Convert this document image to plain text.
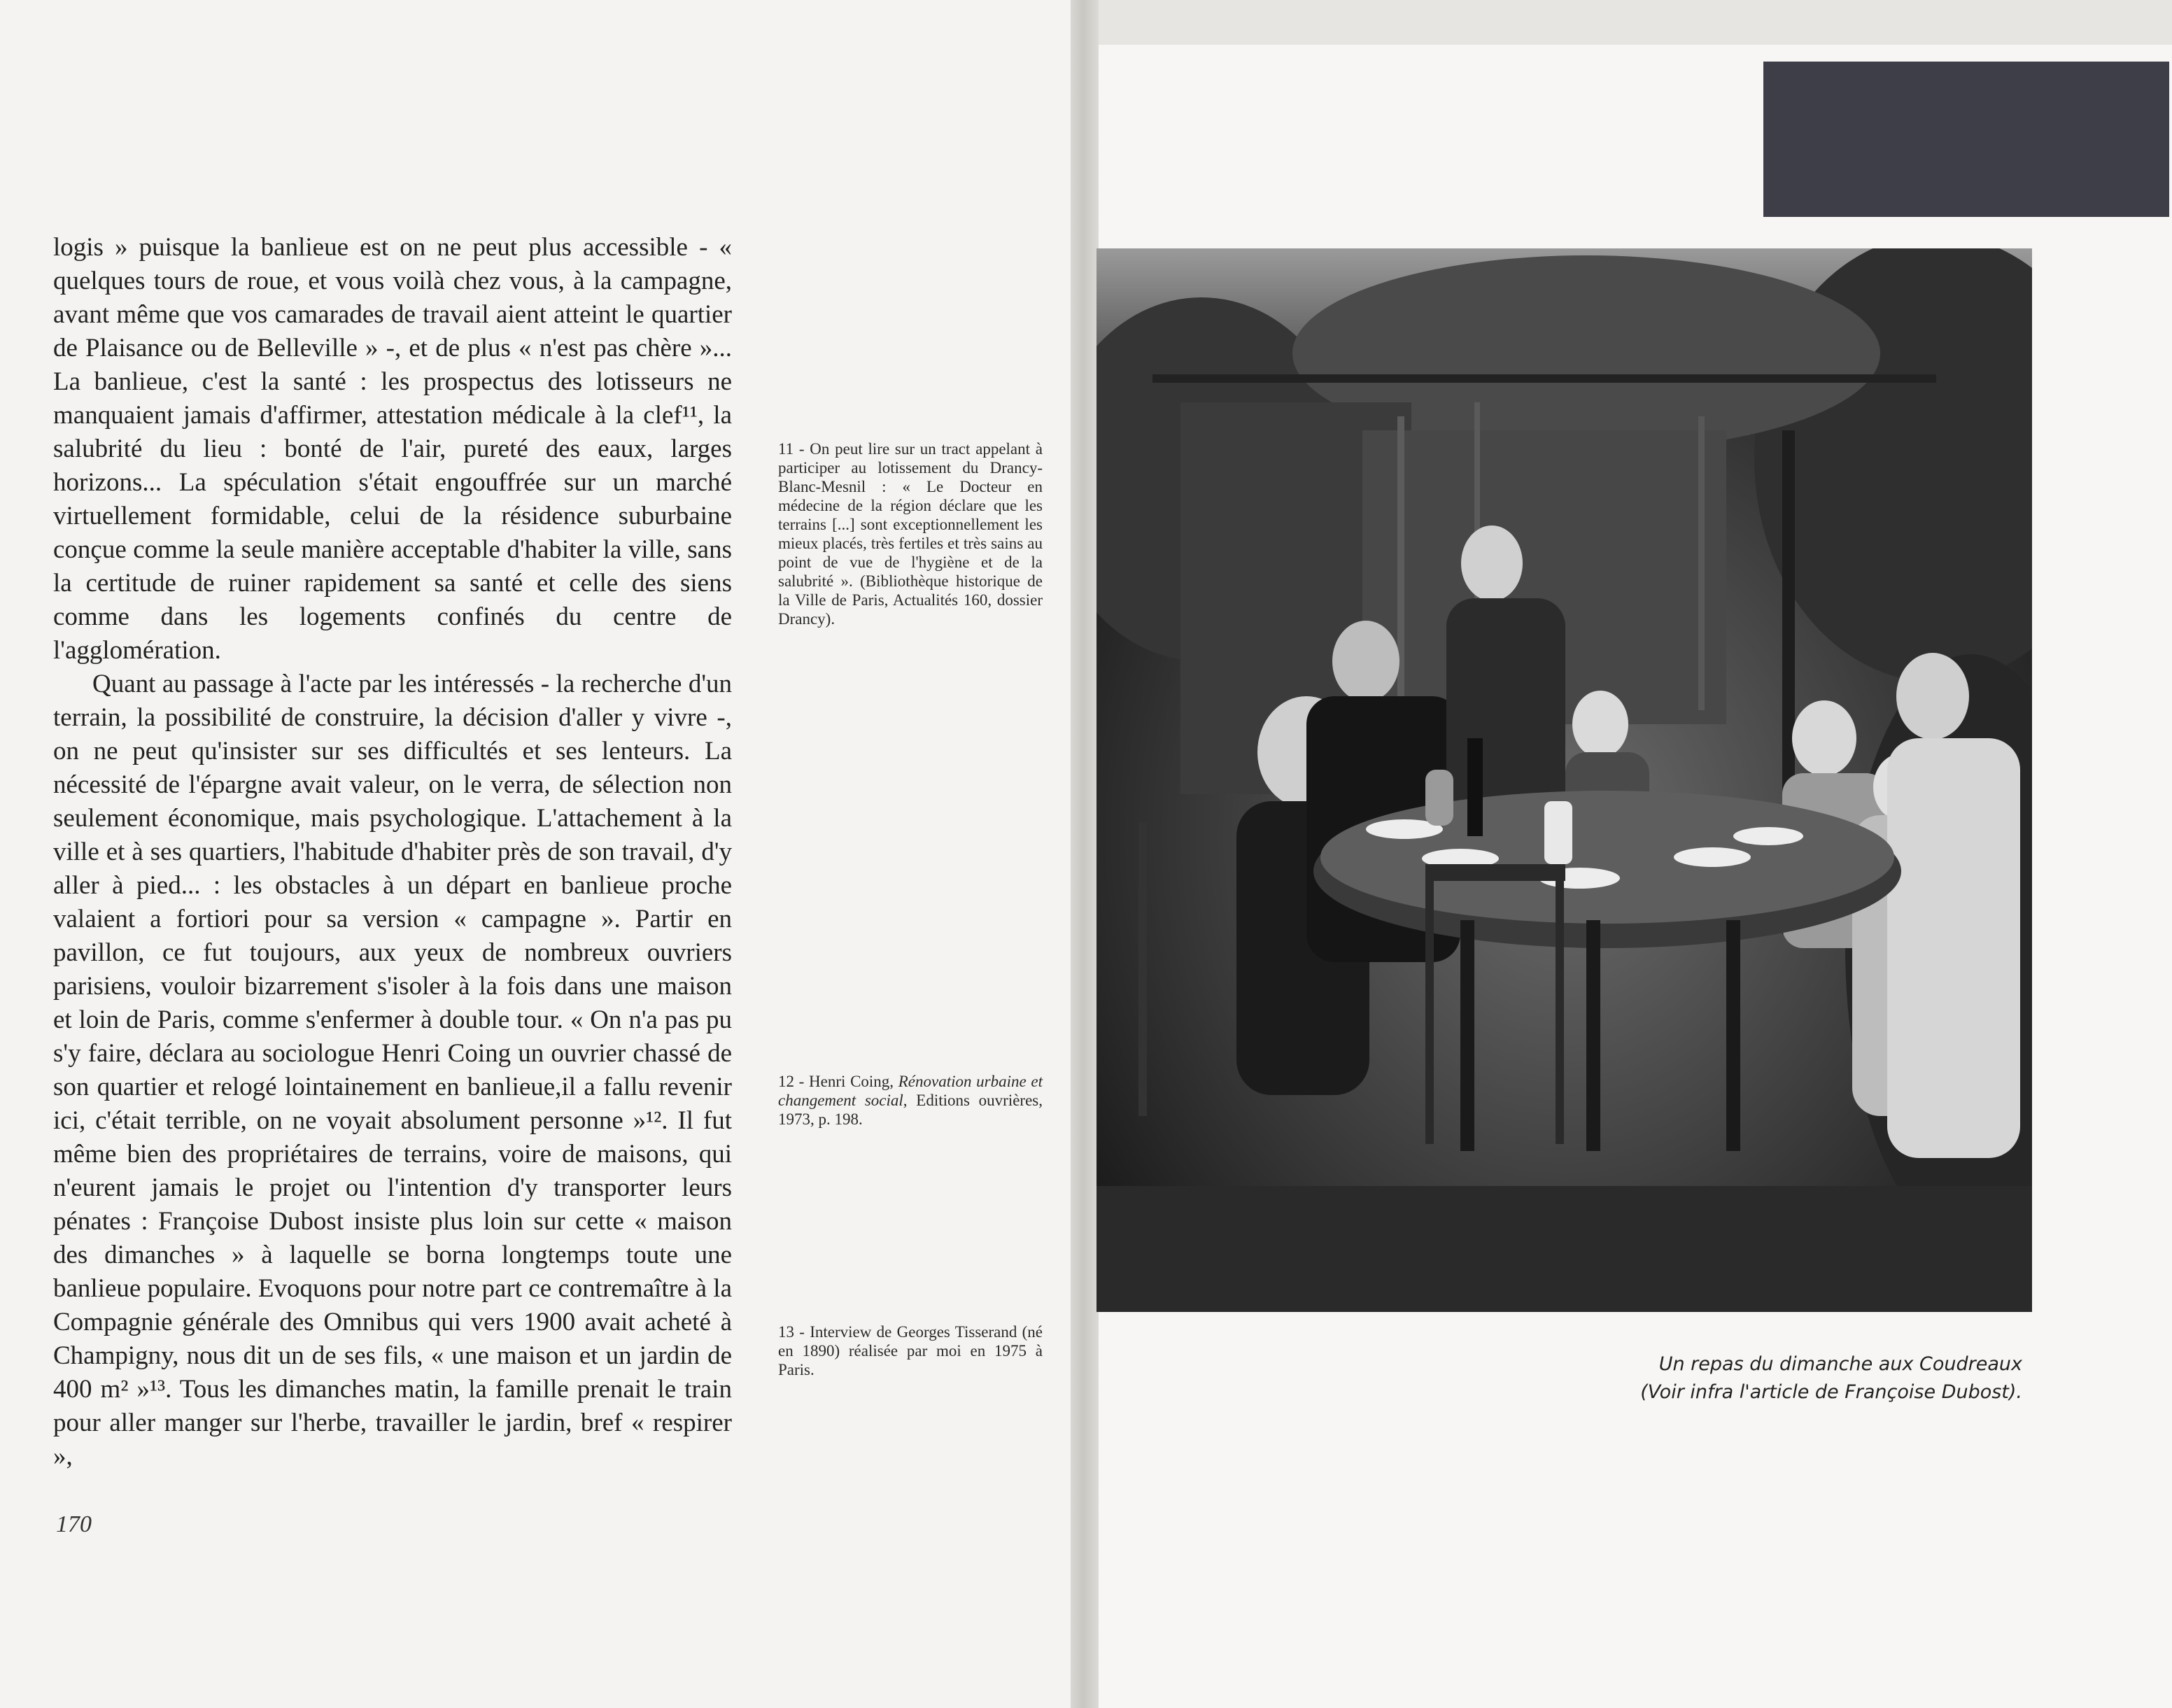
logis » puisque la banlieue est on ne peut plus accessible - « quelques tours de roue, et vous voilà chez vous, à la campagne, avant même que vos camarades de travail aient atteint le quartier de Plaisance ou de Belleville » -, et de plus « n'est pas chère »... La banlieue, c'est la santé : les prospectus des lotisseurs ne manquaient jamais d'affirmer, attestation médicale à la clef¹¹, la salubrité du lieu : bonté de l'air, pureté des eaux, larges horizons... La spéculation s'était engouffrée sur un marché virtuellement formidable, celui de la résidence suburbaine conçue comme la seule manière acceptable d'habiter la ville, sans la certitude de ruiner rapidement sa santé et celle des siens comme dans les logements confinés du centre de l'agglomération.

Quant au passage à l'acte par les intéressés - la recherche d'un terrain, la possibilité de construire, la décision d'aller y vivre -, on ne peut qu'insister sur ses difficultés et ses lenteurs. La nécessité de l'épargne avait valeur, on le verra, de sélection non seulement économique, mais psychologique. L'attachement à la ville et à ses quartiers, l'habitude d'habiter près de son travail, d'y aller à pied... : les obstacles à un départ en banlieue proche valaient a fortiori pour sa version « campagne ». Partir en pavillon, ce fut toujours, aux yeux de nombreux ouvriers parisiens, vouloir bizarrement s'isoler à la fois dans une maison et loin de Paris, comme s'enfermer à double tour. « On n'a pas pu s'y faire, déclara au sociologue Henri Coing un ouvrier chassé de son quartier et relogé lointainement en banlieue,il a fallu revenir ici, c'était terrible, on ne voyait absolument personne »¹². Il fut même bien des propriétaires de terrains, voire de maisons, qui n'eurent jamais le projet ou l'intention d'y transporter leurs pénates : Françoise Dubost insiste plus loin sur cette « maison des dimanches » à laquelle se borna longtemps toute une banlieue populaire. Evoquons pour notre part ce contremaître à la Compagnie générale des Omnibus qui vers 1900 avait acheté à Champigny, nous dit un de ses fils, « une maison et un jardin de 400 m² »¹³. Tous les dimanches matin, la famille prenait le train pour aller manger sur l'herbe, travailler le jardin, bref « respirer »,

11 - On peut lire sur un tract appelant à participer au lotissement du Drancy-Blanc-Mesnil : « Le Docteur en médecine de la région déclare que les terrains [...] sont exceptionnellement les mieux placés, très fertiles et très sains au point de vue de l'hygiène et de la salubrité ». (Bibliothèque historique de la Ville de Paris, Actualités 160, dossier Drancy).
12 - Henri Coing, Rénovation urbaine et changement social, Editions ouvrières, 1973, p. 198.
13 - Interview de Georges Tisserand (né en 1890) réalisée par moi en 1975 à Paris.
170
Un repas du dimanche aux Coudreaux
(Voir infra l'article de Françoise Dubost).
